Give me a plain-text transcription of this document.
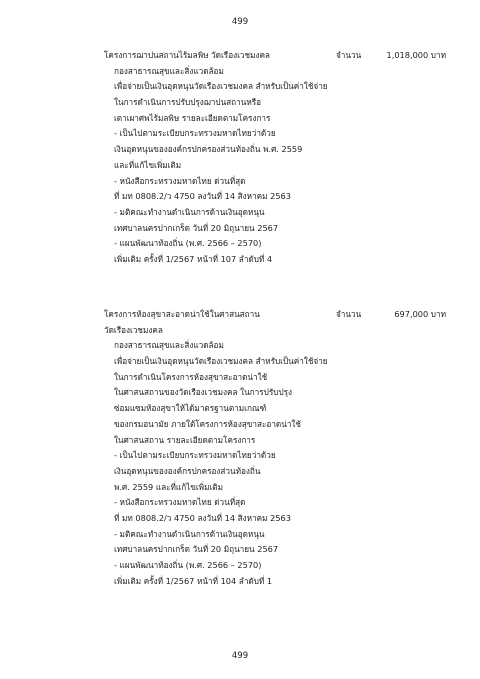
499
โครงการฌาปนสถานไร้มลพิษ วัดเรืองเวชมงคล	จำนวน	1,018,000 บาท
กองสาธารณสุขและสิ่งแวดล้อม
เพื่อจ่ายเป็นเงินอุดหนุนวัดเรืองเวชมงคล สำหรับเป็นค่าใช้จ่าย
ในการดำเนินการปรับปรุงฌาปนสถานหรือ
เตาเผาศพไร้มลพิษ รายละเอียดตามโครงการ
- เป็นไปตามระเบียบกระทรวงมหาดไทยว่าด้วย
เงินอุดหนุนขององค์กรปกครองส่วนท้องถิ่น พ.ศ. 2559
และที่แก้ไขเพิ่มเติม
- หนังสือกระทรวงมหาดไทย ด่วนที่สุด
ที่ มท 0808.2/ว 4750 ลงวันที่ 14 สิงหาคม 2563
- มติคณะทำงานดำเนินการด้านเงินอุดหนุน
เทศบาลนครปากเกร็ด วันที่ 20 มิถุนายน 2567
- แผนพัฒนาท้องถิ่น (พ.ศ. 2566 – 2570)
เพิ่มเติม ครั้งที่ 1/2567 หน้าที่ 107 ลำดับที่ 4
โครงการห้องสุขาสะอาดน่าใช้ในศาสนสถาน	จำนวน	697,000 บาท
วัดเรืองเวชมงคล
กองสาธารณสุขและสิ่งแวดล้อม
เพื่อจ่ายเป็นเงินอุดหนุนวัดเรืองเวชมงคล สำหรับเป็นค่าใช้จ่าย
ในการดำเนินโครงการห้องสุขาสะอาดน่าใช้
ในศาสนสถานของวัดเรืองเวชมงคล ในการปรับปรุง
ซ่อมแซมห้องสุขาให้ได้มาตรฐานตามเกณฑ์
ของกรมอนามัย ภายใต้โครงการห้องสุขาสะอาดน่าใช้
ในศาสนสถาน รายละเอียดตามโครงการ
- เป็นไปตามระเบียบกระทรวงมหาดไทยว่าด้วย
เงินอุดหนุนขององค์กรปกครองส่วนท้องถิ่น
พ.ศ. 2559 และที่แก้ไขเพิ่มเติม
- หนังสือกระทรวงมหาดไทย ด่วนที่สุด
ที่ มท 0808.2/ว 4750 ลงวันที่ 14 สิงหาคม 2563
- มติคณะทำงานดำเนินการด้านเงินอุดหนุน
เทศบาลนครปากเกร็ด วันที่ 20 มิถุนายน 2567
- แผนพัฒนาท้องถิ่น (พ.ศ. 2566 – 2570)
เพิ่มเติม ครั้งที่ 1/2567 หน้าที่ 104 ลำดับที่ 1
499
